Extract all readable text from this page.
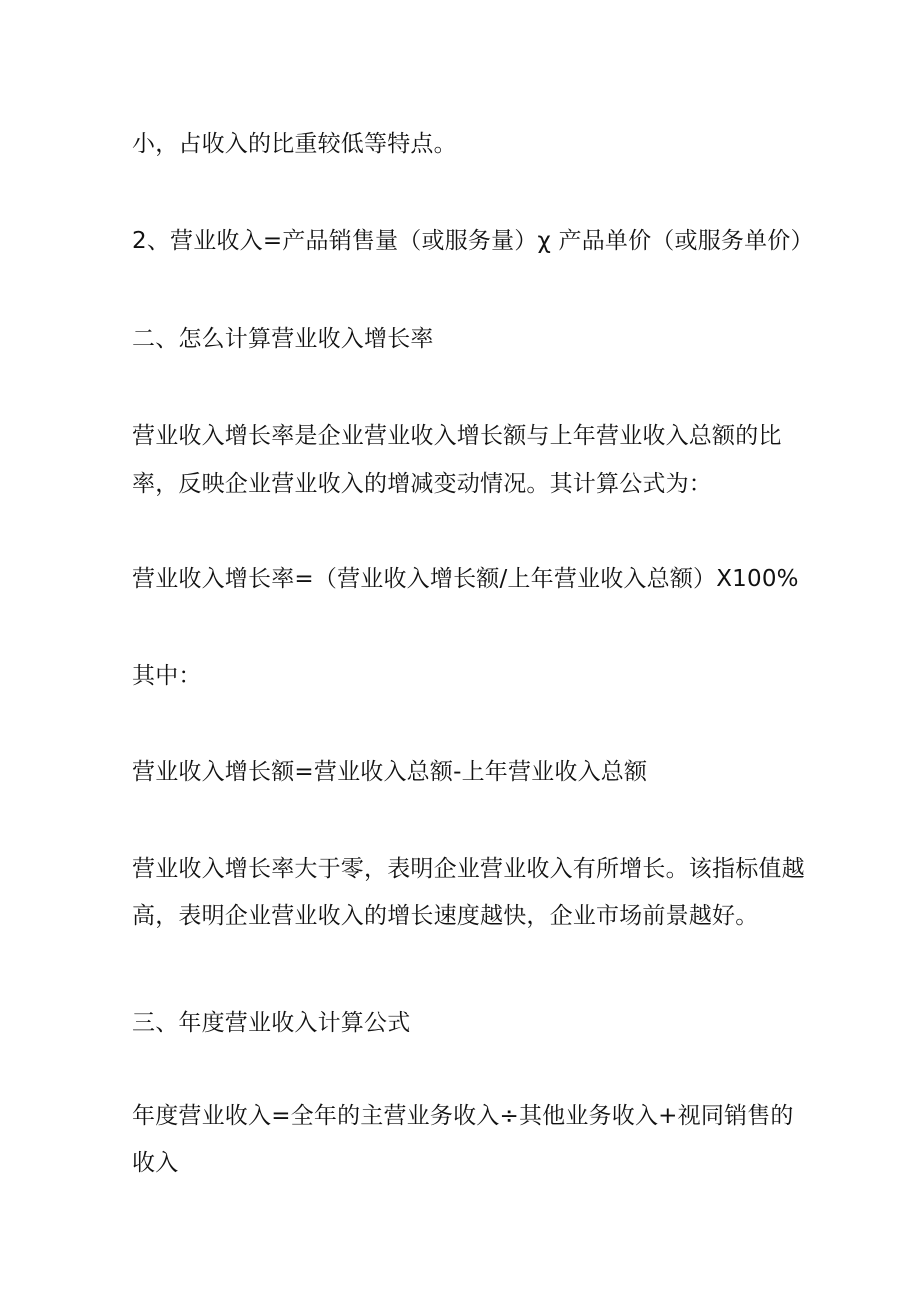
小，占收入的比重较低等特点。
2、营业收入=产品销售量（或服务量）χ 产品单价（或服务单价）
二、怎么计算营业收入增长率
营业收入增长率是企业营业收入增长额与上年营业收入总额的比
率，反映企业营业收入的增减变动情况。其计算公式为：
营业收入增长率=（营业收入增长额/上年营业收入总额）X100%
其中：
营业收入增长额=营业收入总额-上年营业收入总额
营业收入增长率大于零，表明企业营业收入有所增长。该指标值越
高，表明企业营业收入的增长速度越快，企业市场前景越好。
三、年度营业收入计算公式
年度营业收入=全年的主营业务收入÷其他业务收入+视同销售的
收入
